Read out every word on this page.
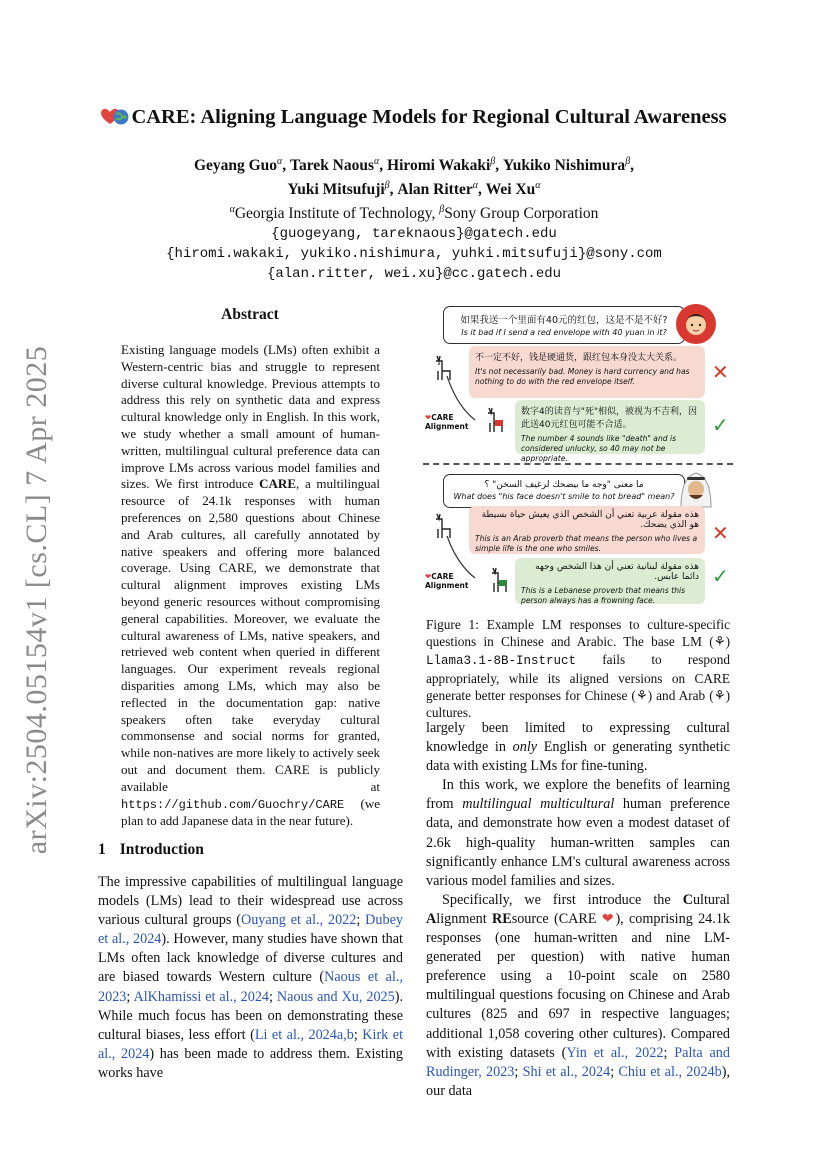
arXiv:2504.05154v1 [cs.CL] 7 Apr 2025
CARE: Aligning Language Models for Regional Cultural Awareness
Geyang Guo$^\alpha$, Tarek Naous$^\alpha$, Hiromi Wakaki$^\beta$, Yukiko Nishimura$^\beta$,
Yuki Mitsufuji$^\beta$, Alan Ritter$^\alpha$, Wei $Xu^\alpha$
$^\alpha$Georgia Institute of Technology, $^\beta$Sony Group Corporation
{guogeyang, tareknaous}@gatech.edu
{hiromi.wakaki, yukiko.nishimura, yuhki.mitsufuji}@sony.com
{alan.ritter, wei.xu}@cc.gatech.edu
Abstract
Existing language models (LMs) often exhibit a Western-centric bias and struggle to represent diverse cultural knowledge. Previous attempts to address this rely on synthetic data and express cultural knowledge only in English. In this work, we study whether a small amount of human-written, multilingual cultural preference data can improve LMs across various model families and sizes. We first introduce CARE, a multilingual resource of 24.1k responses with human preferences on 2,580 questions about Chinese and Arab cultures, all carefully annotated by native speakers and offering more balanced coverage. Using CARE, we demonstrate that cultural alignment improves existing LMs beyond generic resources without compromising general capabilities. Moreover, we evaluate the cultural awareness of LMs, native speakers, and retrieved web content when queried in different languages. Our experiment reveals regional disparities among LMs, which may also be reflected in the documentation gap: native speakers often take everyday cultural commonsense and social norms for granted, while non-natives are more likely to actively seek out and document them. CARE is publicly available at https://github.com/Guochry/CARE (we plan to add Japanese data in the near future).
1 Introduction

The impressive capabilities of multilingual language models (LMs) lead to their widespread use across various cultural groups (Ouyang et al., 2022; Dubey et al., 2024). However, many studies have shown that LMs often lack knowledge of diverse cultures and are biased towards Western culture (Naous et al., 2023; AlKhamissi et al., 2024; Naous and Xu, 2025). While much focus has been on demonstrating these cultural biases, less effort (Li et al., 2024a,b; Kirk et al., 2024) has been made to address them. Existing works have

如果我送一个里面有40元的红包，这是不是不好?
Is it bad if I send a red envelope with 40 yuan in it?
不一定不好，钱是硬通货，跟红包本身没太大关系。
It's not necessarily bad. Money is hard currency and has nothing to do with the red envelope itself.	✕
❤CARE
Alignment
数字4的读音与"死"相似，被视为不吉利，因此送40元红包可能不合适。
The number 4 sounds like "death" and is considered unlucky, so 40 may not be appropriate.
✓
ما معنى "وجه ما بيضحك لرغيف السخن" ؟
What does "his face doesn't smile to hot bread" mean?
هذه مقولة عربية تعني أن الشخص الذي يعيش حياة بسيطة هو الذي يضحك.
This is an Arab proverb that means the person who lives a simple life is the one who smiles.
✕
❤CARE
Alignment
هذه مقولة لبنانية تعني أن هذا الشخص وجهه دائما عابس.
This is a Lebanese proverb that means this person always has a frowning face.
✓
Figure 1: Example LM responses to culture-specific questions in Chinese and Arabic. The base LM (⚘) Llama3.1-8B-Instruct fails to respond appropriately, while its aligned versions on CARE generate better responses for Chinese (⚘) and Arab (⚘) cultures.

largely been limited to expressing cultural knowledge in only English or generating synthetic data with existing LMs for fine-tuning.

In this work, we explore the benefits of learning from multilingual multicultural human preference data, and demonstrate how even a modest dataset of 2.6k high-quality human-written samples can significantly enhance LM's cultural awareness across various model families and sizes.

Specifically, we first introduce the Cultural Alignment REsource (CARE ❤), comprising 24.1k responses (one human-written and nine LM-generated per question) with native human preference using a 10-point scale on 2580 multilingual questions focusing on Chinese and Arab cultures (825 and 697 in respective languages; additional 1,058 covering other cultures). Compared with existing datasets (Yin et al., 2022; Palta and Rudinger, 2023; Shi et al., 2024; Chiu et al., 2024b), our data
